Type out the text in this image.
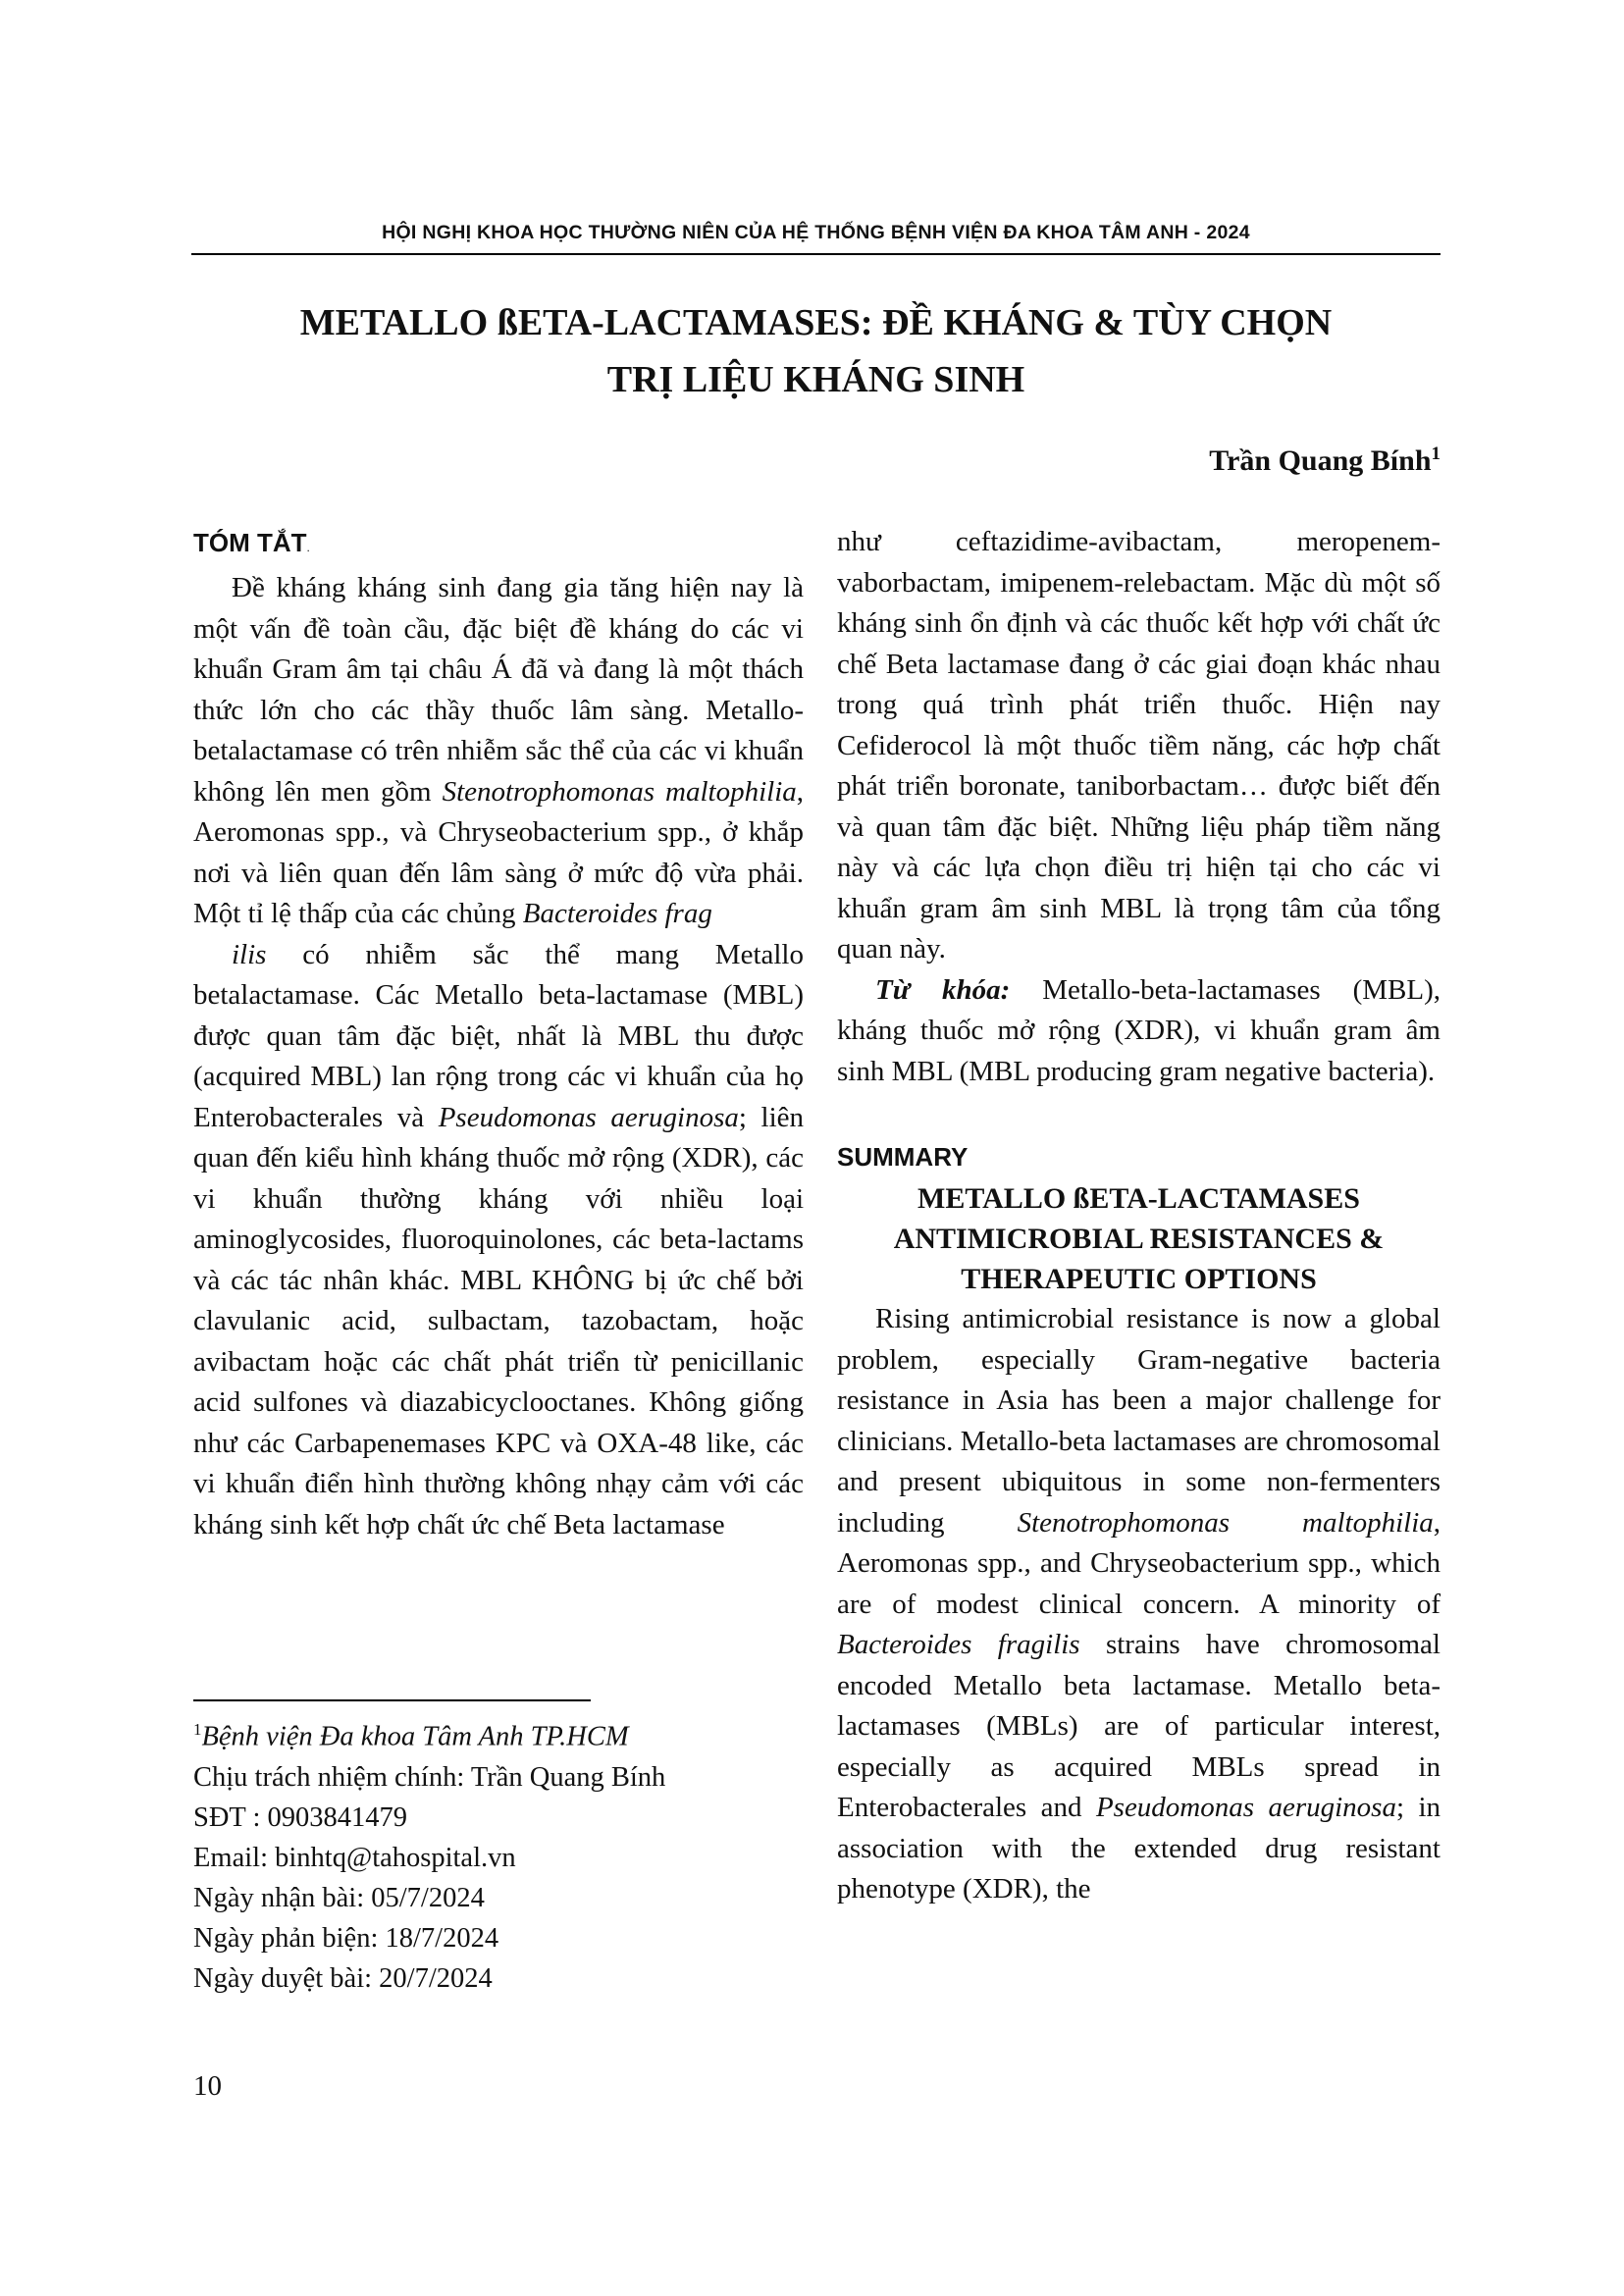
HỘI NGHỊ KHOA HỌC THƯỜNG NIÊN CỦA HỆ THỐNG BỆNH VIỆN ĐA KHOA TÂM ANH - 2024
METALLO ßETA-LACTAMASES: ĐỀ KHÁNG & TÙY CHỌN
TRỊ LIỆU KHÁNG SINH
Trần Quang Bính$^1$
TÓM TẮT.

Đề kháng kháng sinh đang gia tăng hiện nay là một vấn đề toàn cầu, đặc biệt đề kháng do các vi khuẩn Gram âm tại châu Á đã và đang là một thách thức lớn cho các thầy thuốc lâm sàng. Metallo-betalactamase có trên nhiễm sắc thể của các vi khuẩn không lên men gồm Stenotrophomonas maltophilia, Aeromonas spp., và Chryseobacterium spp., ở khắp nơi và liên quan đến lâm sàng ở mức độ vừa phải. Một tỉ lệ thấp của các chủng Bacteroides frag

ilis có nhiễm sắc thể mang Metallo betalactamase. Các Metallo beta-lactamase (MBL) được quan tâm đặc biệt, nhất là MBL thu được (acquired MBL) lan rộng trong các vi khuẩn của họ Enterobacterales và Pseudomonas aeruginosa; liên quan đến kiểu hình kháng thuốc mở rộng (XDR), các vi khuẩn thường kháng với nhiều loại aminoglycosides, fluoroquinolones, các beta-lactams và các tác nhân khác. MBL KHÔNG bị ức chế bởi clavulanic acid, sulbactam, tazobactam, hoặc avibactam hoặc các chất phát triển từ penicillanic acid sulfones và diazabicyclooctanes. Không giống như các Carbapenemases KPC và OXA-48 like, các vi khuẩn điển hình thường không nhạy cảm với các kháng sinh kết hợp chất ức chế Beta lactamase

như ceftazidime-avibactam, meropenem-vaborbactam, imipenem-relebactam. Mặc dù một số kháng sinh ổn định và các thuốc kết hợp với chất ức chế Beta lactamase đang ở các giai đoạn khác nhau trong quá trình phát triển thuốc. Hiện nay Cefiderocol là một thuốc tiềm năng, các hợp chất phát triển boronate, taniborbactam… được biết đến và quan tâm đặc biệt. Những liệu pháp tiềm năng này và các lựa chọn điều trị hiện tại cho các vi khuẩn gram âm sinh MBL là trọng tâm của tổng quan này.

Từ khóa: Metallo-beta-lactamases (MBL), kháng thuốc mở rộng (XDR), vi khuẩn gram âm sinh MBL (MBL producing gram negative bacteria).

SUMMARY
METALLO ßETA-LACTAMASES
ANTIMICROBIAL RESISTANCES &
THERAPEUTIC OPTIONS

Rising antimicrobial resistance is now a global problem, especially Gram-negative bacteria resistance in Asia has been a major challenge for clinicians. Metallo-beta lactamases are chromosomal and present ubiquitous in some non-fermenters including Stenotrophomonas maltophilia, Aeromonas spp., and Chryseobacterium spp., which are of modest clinical concern. A minority of Bacteroides fragilis strains have chromosomal encoded Metallo beta lactamase. Metallo beta-lactamases (MBLs) are of particular interest, especially as acquired MBLs spread in Enterobacterales and Pseudomonas aeruginosa; in association with the extended drug resistant phenotype (XDR), the

$^1$Bệnh viện Đa khoa Tâm Anh TP.HCM
Chịu trách nhiệm chính: Trần Quang Bính
SĐT : 0903841479
Email: binhtq@tahospital.vn
Ngày nhận bài: 05/7/2024
Ngày phản biện: 18/7/2024
Ngày duyệt bài: 20/7/2024
10
